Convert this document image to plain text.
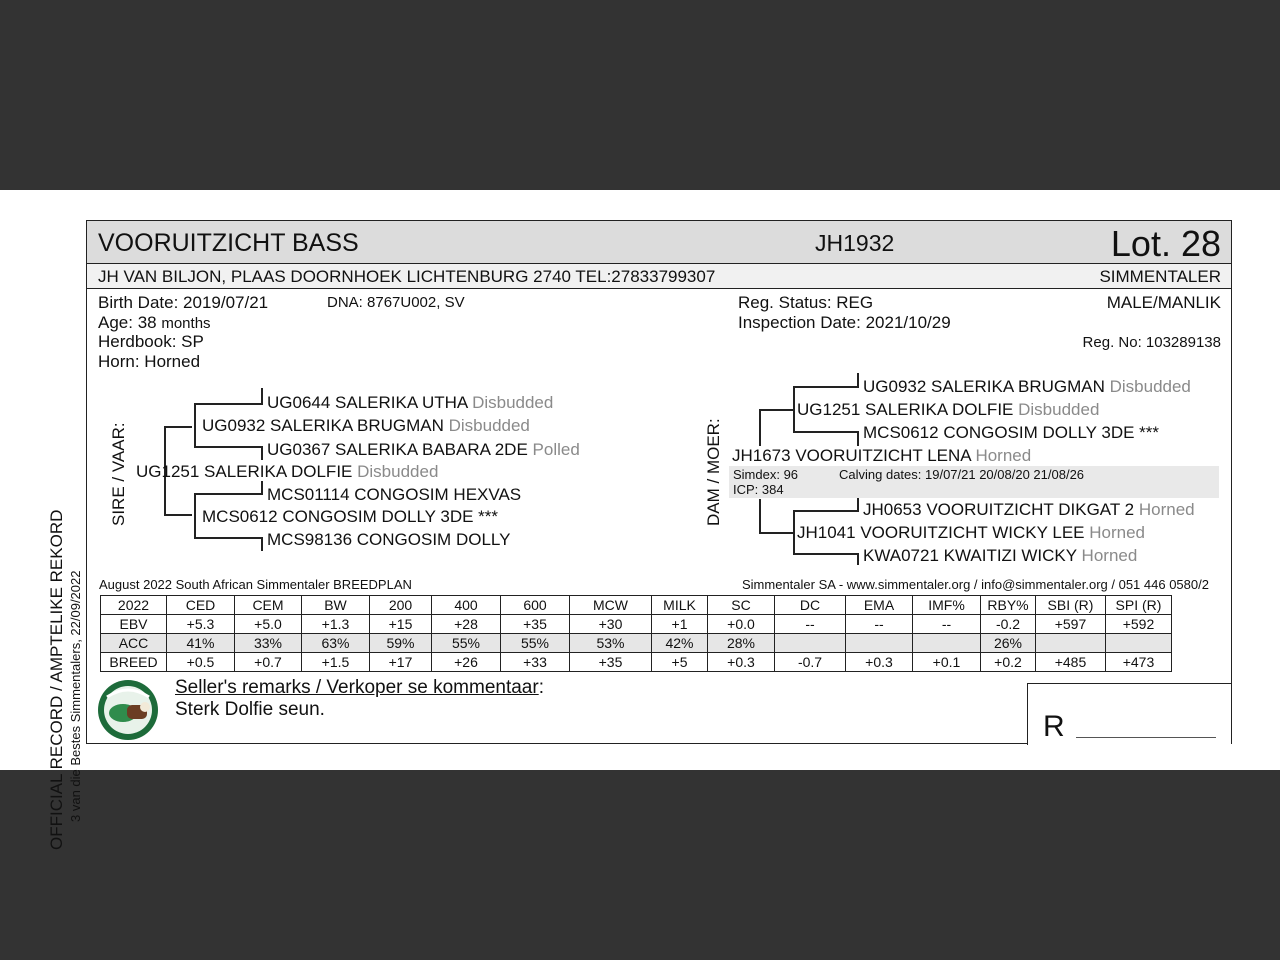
OFFICIAL RECORD / AMPTELIKE REKORD 3 van die Bestes Simmentalers, 22/09/2022
VOORUITZICHT BASS	JH1932	Lot. 28
JH VAN BILJON, PLAAS DOORNHOEK LICHTENBURG 2740 TEL:27833799307	SIMMENTALER
Birth Date: 2019/07/21	DNA: 8767U002, SV
Age: 38 months
Herdbook: SP
Horn: Horned
Reg. Status: REG
Inspection Date: 2021/10/29
MALE/MANLIK
Reg. No: 103289138
SIRE / VAAR:
UG0644 SALERIKA UTHA Disbudded
UG0932 SALERIKA BRUGMAN Disbudded
UG0367 SALERIKA BABARA 2DE Polled
UG1251 SALERIKA DOLFIE Disbudded
MCS01114 CONGOSIM HEXVAS
MCS0612 CONGOSIM DOLLY 3DE ***
MCS98136 CONGOSIM DOLLY
DAM / MOER: Simdex: 96	Calving dates: 19/07/21 20/08/20 21/08/26
ICP: 384
UG0932 SALERIKA BRUGMAN Disbudded
UG1251 SALERIKA DOLFIE Disbudded
MCS0612 CONGOSIM DOLLY 3DE ***
JH1673 VOORUITZICHT LENA Horned
JH0653 VOORUITZICHT DIKGAT 2 Horned
JH1041 VOORUITZICHT WICKY LEE Horned
KWA0721 KWAITIZI WICKY Horned
August 2022 South African Simmentaler BREEDPLAN	Simmentaler SA - www.simmentaler.org / info@simmentaler.org / 051 446 0580/2
2022	CED	CEM	BW	200	400	600	MCW	MILK	SC	DC	EMA	IMF%	RBY%	SBI (R)	SPI (R)
EBV	+5.3	+5.0	+1.3	+15	+28	+35	+30	+1	+0.0	--	--	--	-0.2	+597	+592
ACC	41%	33%	63%	59%	55%	55%	53%	42%	28%				26%		
BREED	+0.5	+0.7	+1.5	+17	+26	+33	+35	+5	+0.3	-0.7	+0.3	+0.1	+0.2	+485	+473
Seller's remarks / Verkoper se kommentaar:
Sterk Dolfie seun.
R
